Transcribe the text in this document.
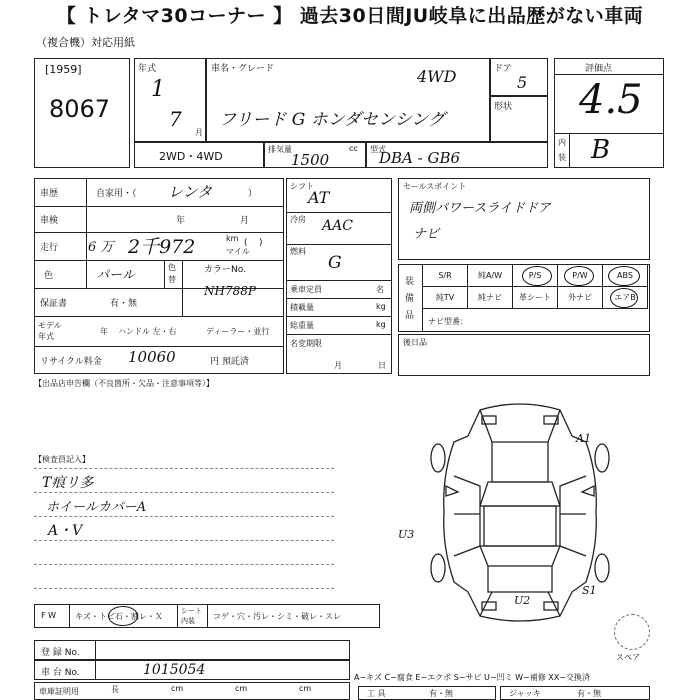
【 トレタマ30コーナー 】 過去30日間JU岐阜に出品歴がない車両
（複合機）対応用紙
[1959]
8067
年式
1
7
月
車名・グレード	4WD
フリード G ホンダセンシング
ドア
5
形状
評価点
4.5
内
装 B
2WD・4WD
排気量	cc
1500
型式
DBA - GB6
車歴	自家用・（ レンタ	）
車検	年	月
走行 6 万 2千972	km
マイル
(    )
色	パール
色
替
保証書	有・無
カラーNo.
NH788P
モデル
年式
年 ハンドル 左・右	ディーラー・並行
リサイクル料金 10060	円 預託済
シフト
AT
冷房 AAC
燃料
G
乗車定員	名
積載量	kg
総重量	kg
名変期限
月	日
セールスポイント
両側パワースライドドア
ナビ
装
備
品
ナビ型番：
後日品
【出品店申告欄（不良箇所・欠品・注意事項等）】
【検査員記入】
T痕リ多
ホイールカバーA
A・V
A1
U3
U2
S1
スペア
F W キズ・トビ石・割レ・Ｘ
シート
内装 コゲ・穴・汚レ・シミ・破レ・スレ
登 録 No.
車 台 No.	1015054
車庫証明用	長	cm	cm	cm
A−キズ C−腐食 E−エクボ S−サビ U−凹ミ W−補修 XX−交換済
工 具	有・無	ジャッキ	有・無
S/R	純A/W	P/S	P/W	ABS
純TV	純ナビ	革シート	外ナビ	エアB
